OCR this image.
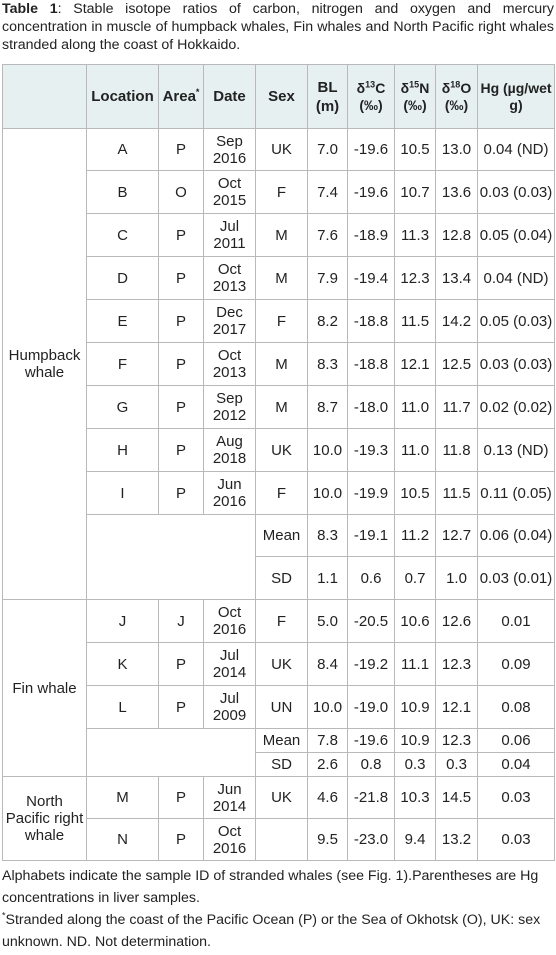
Table 1: Stable isotope ratios of carbon, nitrogen and oxygen and mercury concentration in muscle of humpback whales, Fin whales and North Pacific right whales stranded along the coast of Hokkaido.
	Location	Area*	Date	Sex	BL (m)	$\delta^{13}C$ (‰)	$\delta^{15}N$ (‰)	$\delta^{18}O$ (‰)	Hg (µg/wet g)
Humpback whale	A	P	Sep 2016	UK	7.0	-19.6	10.5	13.0	0.04 (ND)
	B	O	Oct 2015	F	7.4	-19.6	10.7	13.6	0.03 (0.03)
	C	P	Jul 2011	M	7.6	-18.9	11.3	12.8	0.05 (0.04)
	D	P	Oct 2013	M	7.9	-19.4	12.3	13.4	0.04 (ND)
	E	P	Dec 2017	F	8.2	-18.8	11.5	14.2	0.05 (0.03)
	F	P	Oct 2013	M	8.3	-18.8	12.1	12.5	0.03 (0.03)
	G	P	Sep 2012	M	8.7	-18.0	11.0	11.7	0.02 (0.02)
	H	P	Aug 2018	UK	10.0	-19.3	11.0	11.8	0.13 (ND)
	I	P	Jun 2016	F	10.0	-19.9	10.5	11.5	0.11 (0.05)
				Mean	8.3	-19.1	11.2	12.7	0.06 (0.04)
				SD	1.1	0.6	0.7	1.0	0.03 (0.01)
Fin whale	J	J	Oct 2016	F	5.0	-20.5	10.6	12.6	0.01
	K	P	Jul 2014	UK	8.4	-19.2	11.1	12.3	0.09
	L	P	Jul 2009	UN	10.0	-19.0	10.9	12.1	0.08
				Mean	7.8	-19.6	10.9	12.3	0.06
				SD	2.6	0.8	0.3	0.3	0.04
North Pacific right whale	M	P	Jun 2014	UK	4.6	-21.8	10.3	14.5	0.03
	N	P	Oct 2016		9.5	-23.0	9.4	13.2	0.03
Alphabets indicate the sample ID of stranded whales (see Fig. 1).Parentheses are Hg concentrations in liver samples.
*Stranded along the coast of the Pacific Ocean (P) or the Sea of Okhotsk (O), UK: sex unknown. ND. Not determination.
